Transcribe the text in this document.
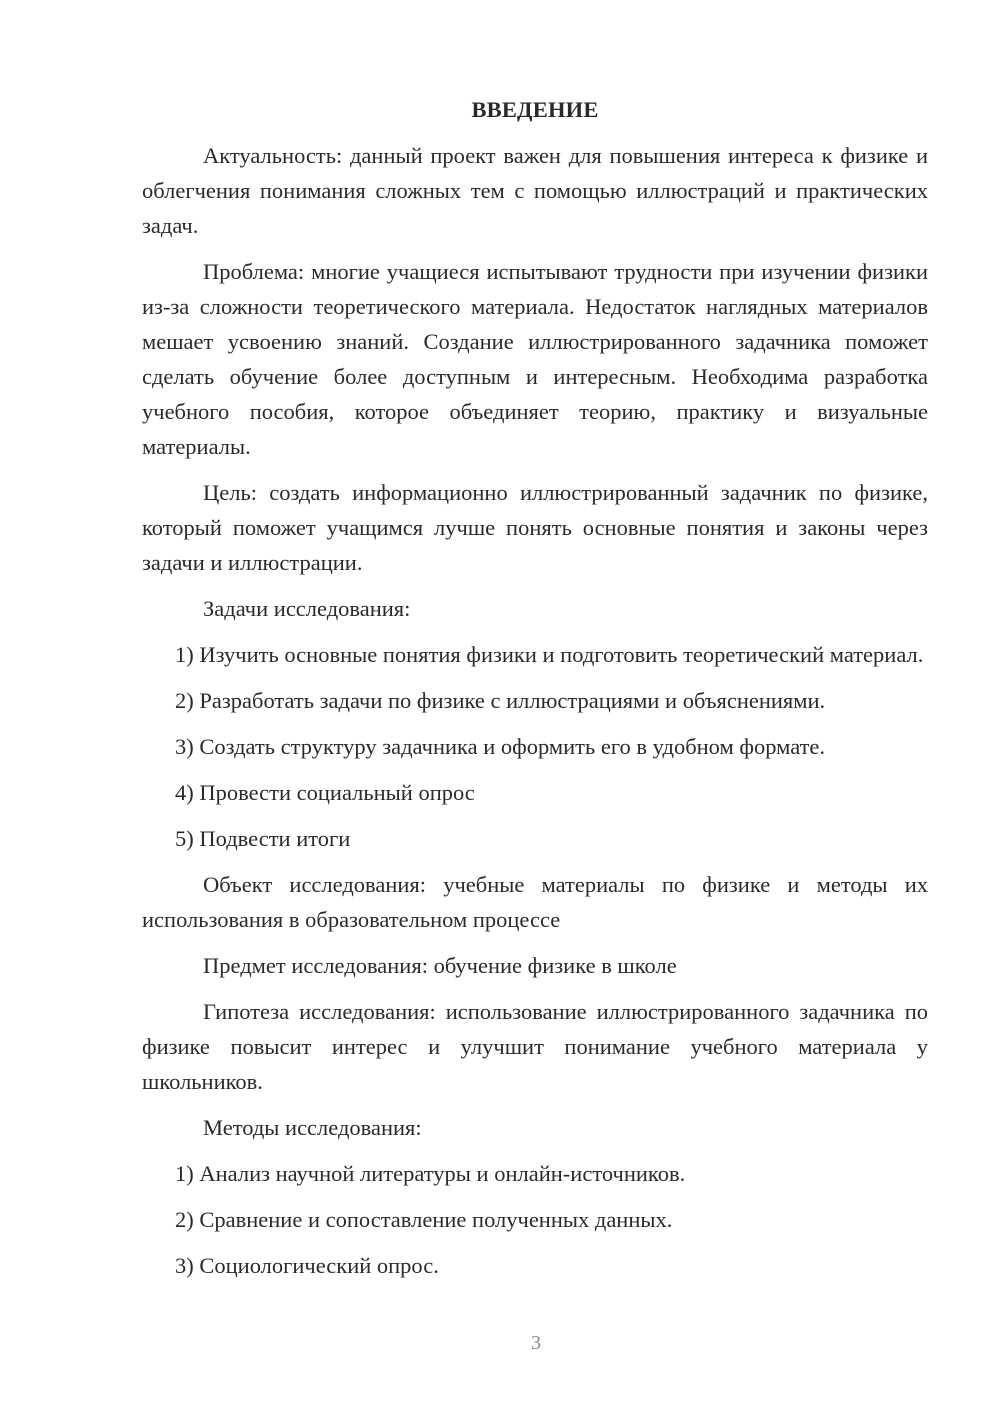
ВВЕДЕНИЕ

Актуальность: данный проект важен для повышения интереса к физике и облегчения понимания сложных тем с помощью иллюстраций и практических задач.

Проблема: многие учащиеся испытывают трудности при изучении физики из-за сложности теоретического материала. Недостаток наглядных материалов мешает усвоению знаний. Создание иллюстрированного задачника поможет сделать обучение более доступным и интересным. Необходима разработка учебного пособия, которое объединяет теорию, практику и визуальные материалы.

Цель: создать информационно иллюстрированный задачник по физике, который поможет учащимся лучше понять основные понятия и законы через задачи и иллюстрации.

Задачи исследования:

1) Изучить основные понятия физики и подготовить теоретический материал.

2) Разработать задачи по физике с иллюстрациями и объяснениями.

3) Создать структуру задачника и оформить его в удобном формате.

4) Провести социальный опрос

5) Подвести итоги

Объект исследования: учебные материалы по физике и методы их использования в образовательном процессе

Предмет исследования: обучение физике в школе

Гипотеза исследования: использование иллюстрированного задачника по физике повысит интерес и улучшит понимание учебного материала у школьников.

Методы исследования:

1) Анализ научной литературы и онлайн-источников.

2) Сравнение и сопоставление полученных данных.

3) Социологический опрос.

3
